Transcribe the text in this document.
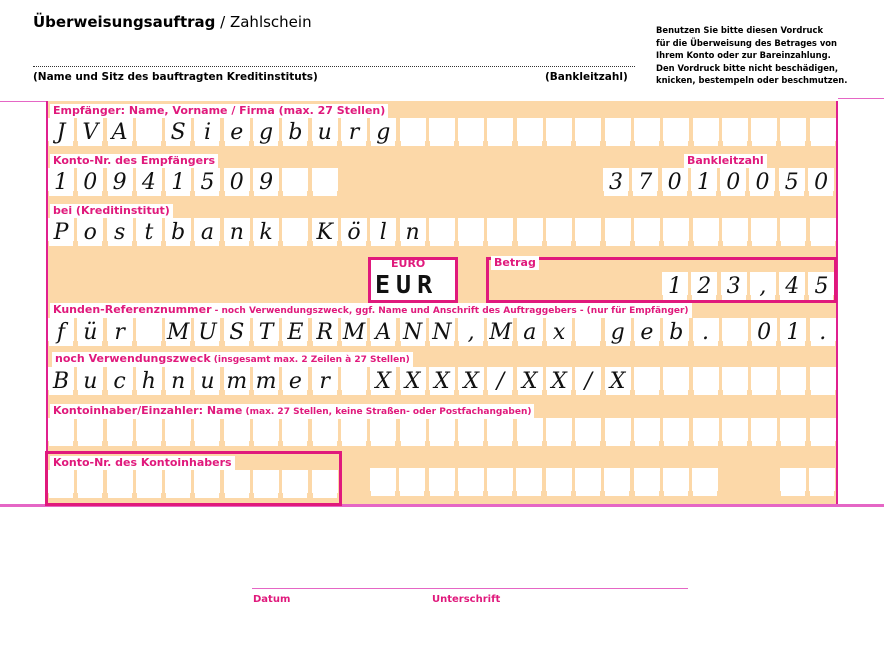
Überweisungsauftrag / Zahlschein	Benutzen Sie bitte diesen Vordruck
für die Überweisung des Betrages von
Ihrem Konto oder zur Bareinzahlung.
Den Vordruck bitte nicht beschädigen,
knicken, bestempeln oder beschmutzen.
(Name und Sitz des bauftragten Kreditinstituts)	(Bankleitzahl)
Empfänger: Name, Vorname / Firma (max. 27 Stellen)
J V A S i e g b u r g
Konto-Nr. des Empfängers	Bankleitzahl
1 0 9 4 1 5 0 9	3 7 0 1 0 0 5 0
bei (Kreditinstitut)
P o s t b a n k K ö l n
EURO
EUR
Betrag
1 2 3 , 4 5
Kunden-Referenznummer - noch Verwendungszweck, ggf. Name und Anschrift des Auftraggebers - (nur für Empfänger)
f ü r	M U S T E R M A N N , M a x	g e b .	0 1 .
noch Verwendungszweck (insgesamt max. 2 Zeilen à 27 Stellen)
B u c h n u m m e r	X X X X / X X / X
Kontoinhaber/Einzahler: Name (max. 27 Stellen, keine Straßen- oder Postfachangaben)
Konto-Nr. des Kontoinhabers
Datum	Unterschrift
